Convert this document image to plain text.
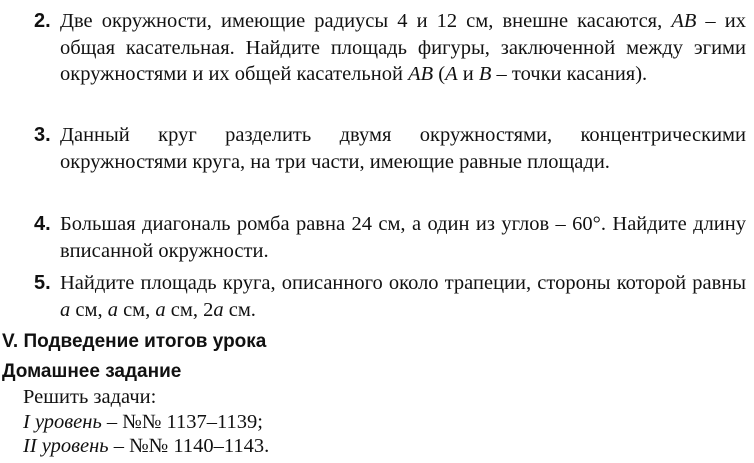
2. Две окружности, имеющие радиусы 4 и 12 см, внешне касаются, AB – их общая касательная. Найдите площадь фигуры, заключенной между эгими окружностями и их общей касательной AB (A и B – точки касания).
3. Данный круг разделить двумя окружностями, концентрическими окружностями круга, на три части, имеющие равные площади.
4. Большая диагональ ромба равна 24 см, а один из углов – 60°. Найдите длину вписанной окружности.
5. Найдите площадь круга, описанного около трапеции, стороны которой равны a см, a см, a см, 2a см.
V. Подведение итогов урока
Домашнее задание
Решить задачи:
I уровень – №№ 1137–1139;
II уровень – №№ 1140–1143.
